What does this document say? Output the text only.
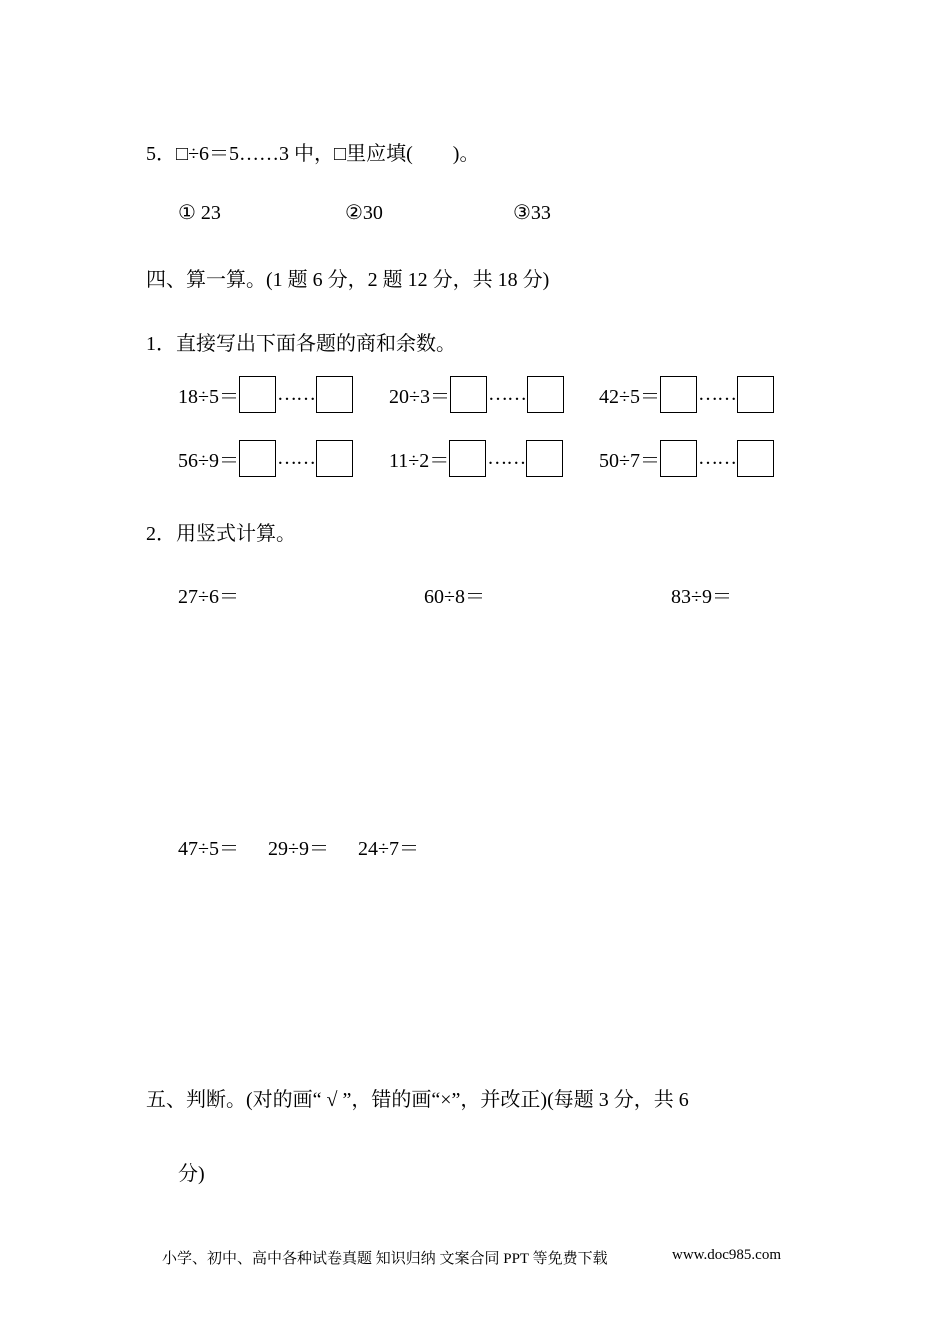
5．□÷6＝5……3 中，□里应填(　　)。
① 23	②30	③33
四、算一算。(1 题 6 分，2 题 12 分，共 18 分)
1．直接写出下面各题的商和余数。
18÷5＝ ……	20÷3＝ ……	42÷5＝ ……
56÷9＝ ……	11÷2＝ ……	50÷7＝ ……
2．用竖式计算。
27÷6＝	60÷8＝	83÷9＝
47÷5＝ 29÷9＝ 24÷7＝
五、判断。(对的画“ √ ”，错的画“×”，并改正)(每题 3 分，共 6
分)
小学、初中、高中各种试卷真题 知识归纳 文案合同 PPT 等免费下载	www.doc985.com
